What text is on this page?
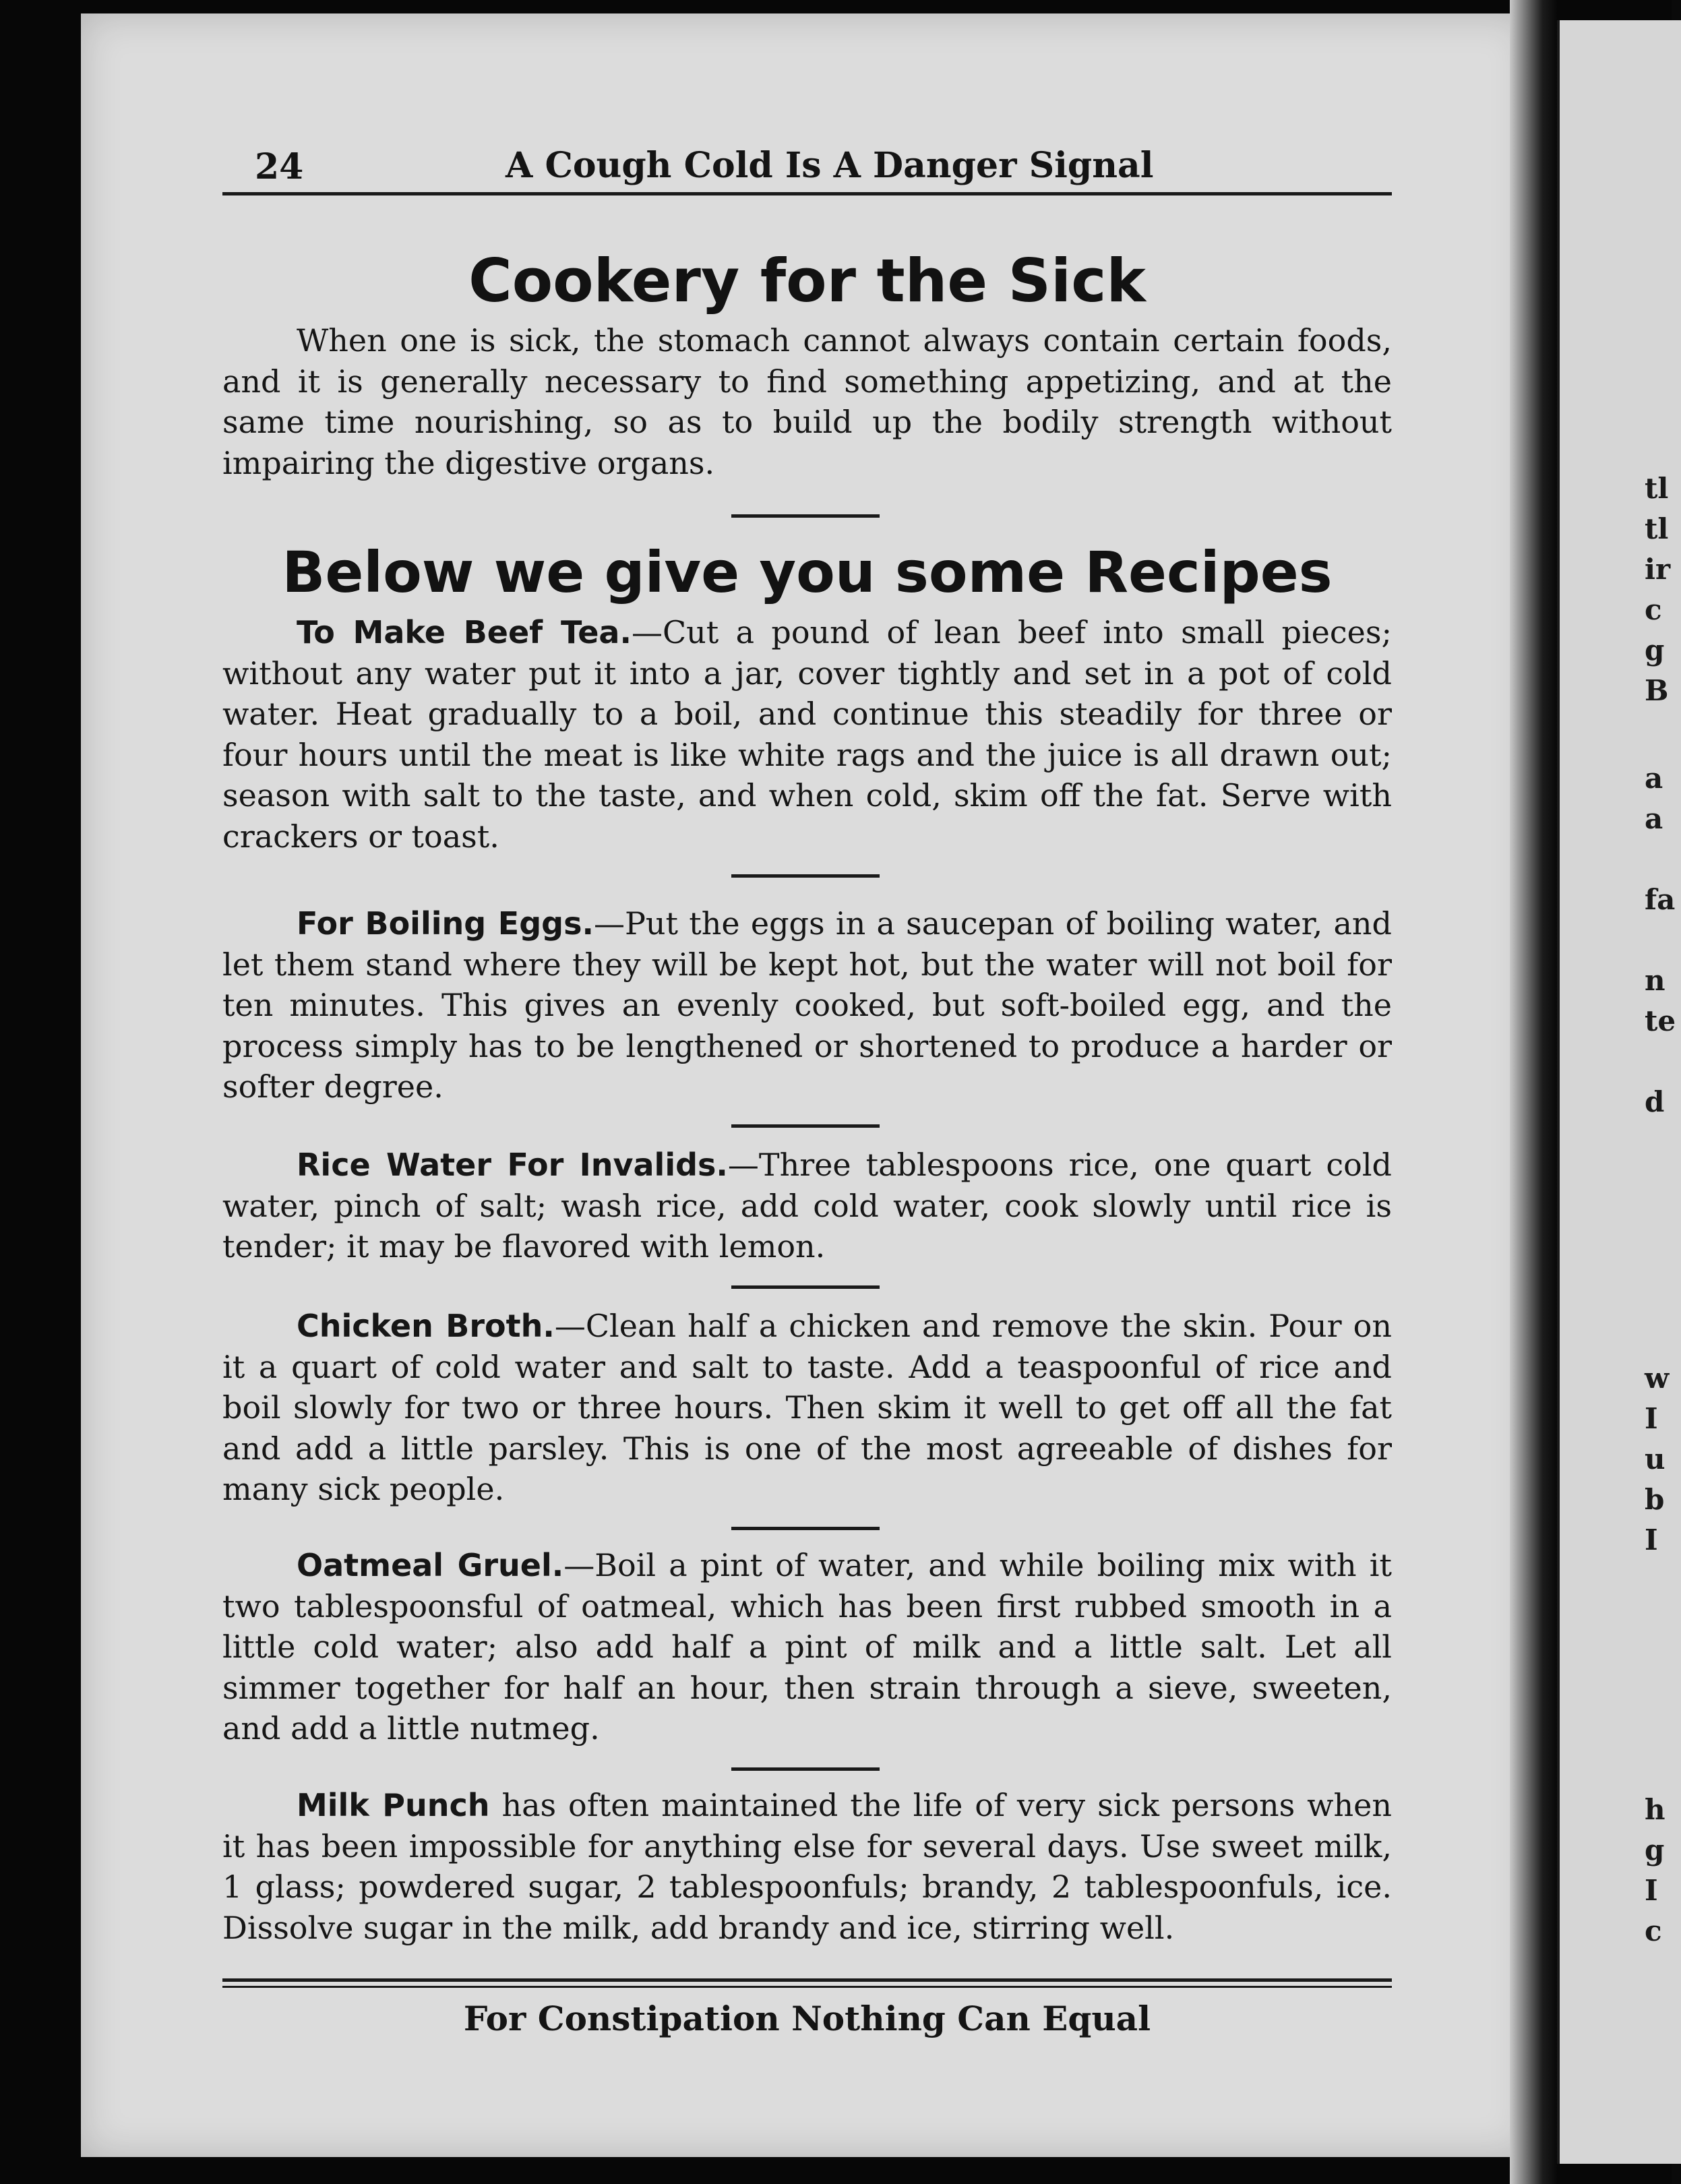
tl
tl
ir
c
g
B
a
a
fa
n
te
d
w
I
u
b
I
h
g
I
c
24	A Cough Cold Is A Danger Signal
Cookery for the Sick
When one is sick, the stomach cannot always contain certain foods, and it is generally necessary to find something appetizing, and at the same time nourishing, so as to build up the bodily strength without impairing the digestive organs.
Below we give you some Recipes
To Make Beef Tea.—Cut a pound of lean beef into small pieces; without any water put it into a jar, cover tightly and set in a pot of cold water. Heat gradually to a boil, and continue this steadily for three or four hours until the meat is like white rags and the juice is all drawn out; season with salt to the taste, and when cold, skim off the fat. Serve with crackers or toast.
For Boiling Eggs.—Put the eggs in a saucepan of boiling water, and let them stand where they will be kept hot, but the water will not boil for ten minutes. This gives an evenly cooked, but soft-boiled egg, and the process simply has to be lengthened or shortened to produce a harder or softer degree.
Rice Water For Invalids.—Three tablespoons rice, one quart cold water, pinch of salt; wash rice, add cold water, cook slowly until rice is tender; it may be flavored with lemon.
Chicken Broth.—Clean half a chicken and remove the skin. Pour on it a quart of cold water and salt to taste. Add a teaspoonful of rice and boil slowly for two or three hours. Then skim it well to get off all the fat and add a little parsley. This is one of the most agreeable of dishes for many sick people.
Oatmeal Gruel.—Boil a pint of water, and while boiling mix with it two tablespoonsful of oatmeal, which has been first rubbed smooth in a little cold water; also add half a pint of milk and a little salt. Let all simmer together for half an hour, then strain through a sieve, sweeten, and add a little nutmeg.
Milk Punch has often maintained the life of very sick persons when it has been impossible for anything else for several days. Use sweet milk, 1 glass; powdered sugar, 2 tablespoonfuls; brandy, 2 tablespoonfuls, ice. Dissolve sugar in the milk, add brandy and ice, stirring well.
For Constipation Nothing Can Equal
